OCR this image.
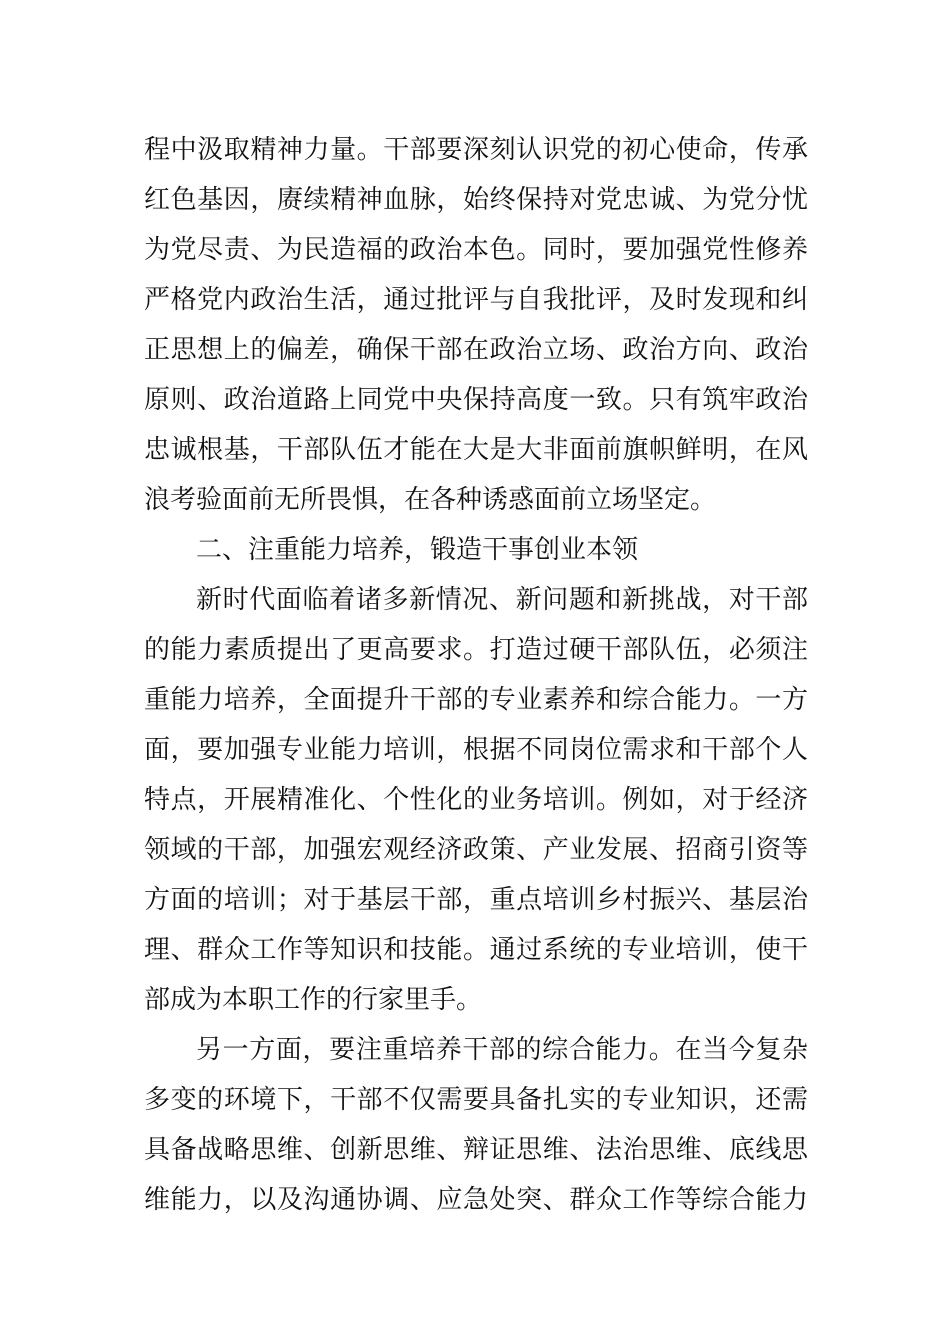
程中汲取精神力量。干部要深刻认识党的初心使命，传承
红色基因，赓续精神血脉，始终保持对党忠诚、为党分忧
为党尽责、为民造福的政治本色。同时，要加强党性修养
严格党内政治生活，通过批评与自我批评，及时发现和纠
正思想上的偏差，确保干部在政治立场、政治方向、政治
原则、政治道路上同党中央保持高度一致。只有筑牢政治
忠诚根基，干部队伍才能在大是大非面前旗帜鲜明，在风
浪考验面前无所畏惧，在各种诱惑面前立场坚定。
二、注重能力培养，锻造干事创业本领
新时代面临着诸多新情况、新问题和新挑战，对干部
的能力素质提出了更高要求。打造过硬干部队伍，必须注
重能力培养，全面提升干部的专业素养和综合能力。一方
面，要加强专业能力培训，根据不同岗位需求和干部个人
特点，开展精准化、个性化的业务培训。例如，对于经济
领域的干部，加强宏观经济政策、产业发展、招商引资等
方面的培训；对于基层干部，重点培训乡村振兴、基层治
理、群众工作等知识和技能。通过系统的专业培训，使干
部成为本职工作的行家里手。
另一方面，要注重培养干部的综合能力。在当今复杂
多变的环境下，干部不仅需要具备扎实的专业知识，还需
具备战略思维、创新思维、辩证思维、法治思维、底线思
维能力，以及沟通协调、应急处突、群众工作等综合能力
